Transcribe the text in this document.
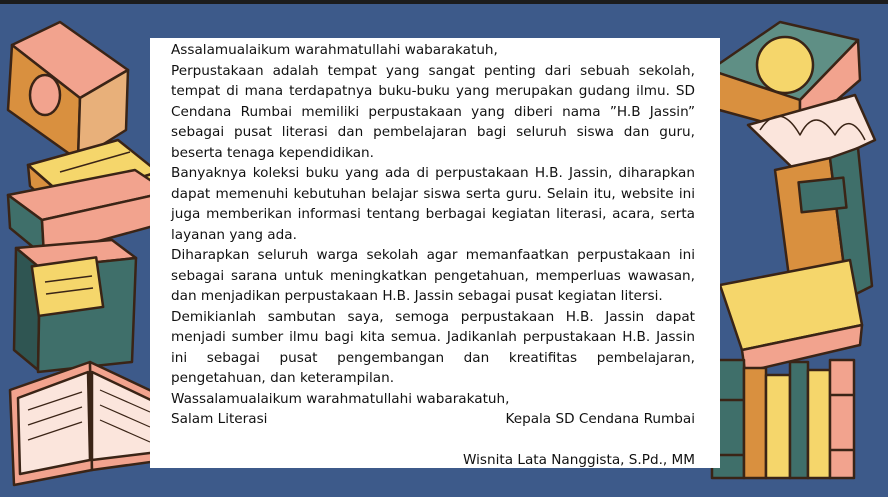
Assalamualaikum warahmatullahi wabarakatuh,

Perpustakaan adalah tempat yang sangat penting dari sebuah sekolah, tempat di mana terdapatnya buku-buku yang merupakan gudang ilmu. SD Cendana Rumbai memiliki perpustakaan yang diberi nama ”H.B Jassin” sebagai pusat literasi dan pembelajaran bagi seluruh siswa dan guru, beserta tenaga kependidikan.

Banyaknya koleksi buku yang ada di perpustakaan H.B. Jassin, diharapkan dapat memenuhi kebutuhan belajar siswa serta guru. Selain itu, website ini juga memberikan informasi tentang berbagai kegiatan literasi, acara, serta layanan yang ada.

Diharapkan seluruh warga sekolah agar memanfaatkan perpustakaan ini sebagai sarana untuk meningkatkan pengetahuan, memperluas wawasan, dan menjadikan perpustakaan H.B. Jassin sebagai pusat kegiatan litersi.

Demikianlah sambutan saya, semoga perpustakaan H.B. Jassin dapat menjadi sumber ilmu bagi kita semua. Jadikanlah perpustakaan H.B. Jassin ini sebagai pusat pengembangan dan kreatifitas pembelajaran, pengetahuan, dan keterampilan.

Wassalamualaikum warahmatullahi wabarakatuh,

Salam Literasi	Kepala SD Cendana Rumbai

Wisnita Lata Nanggista, S.Pd., MM
